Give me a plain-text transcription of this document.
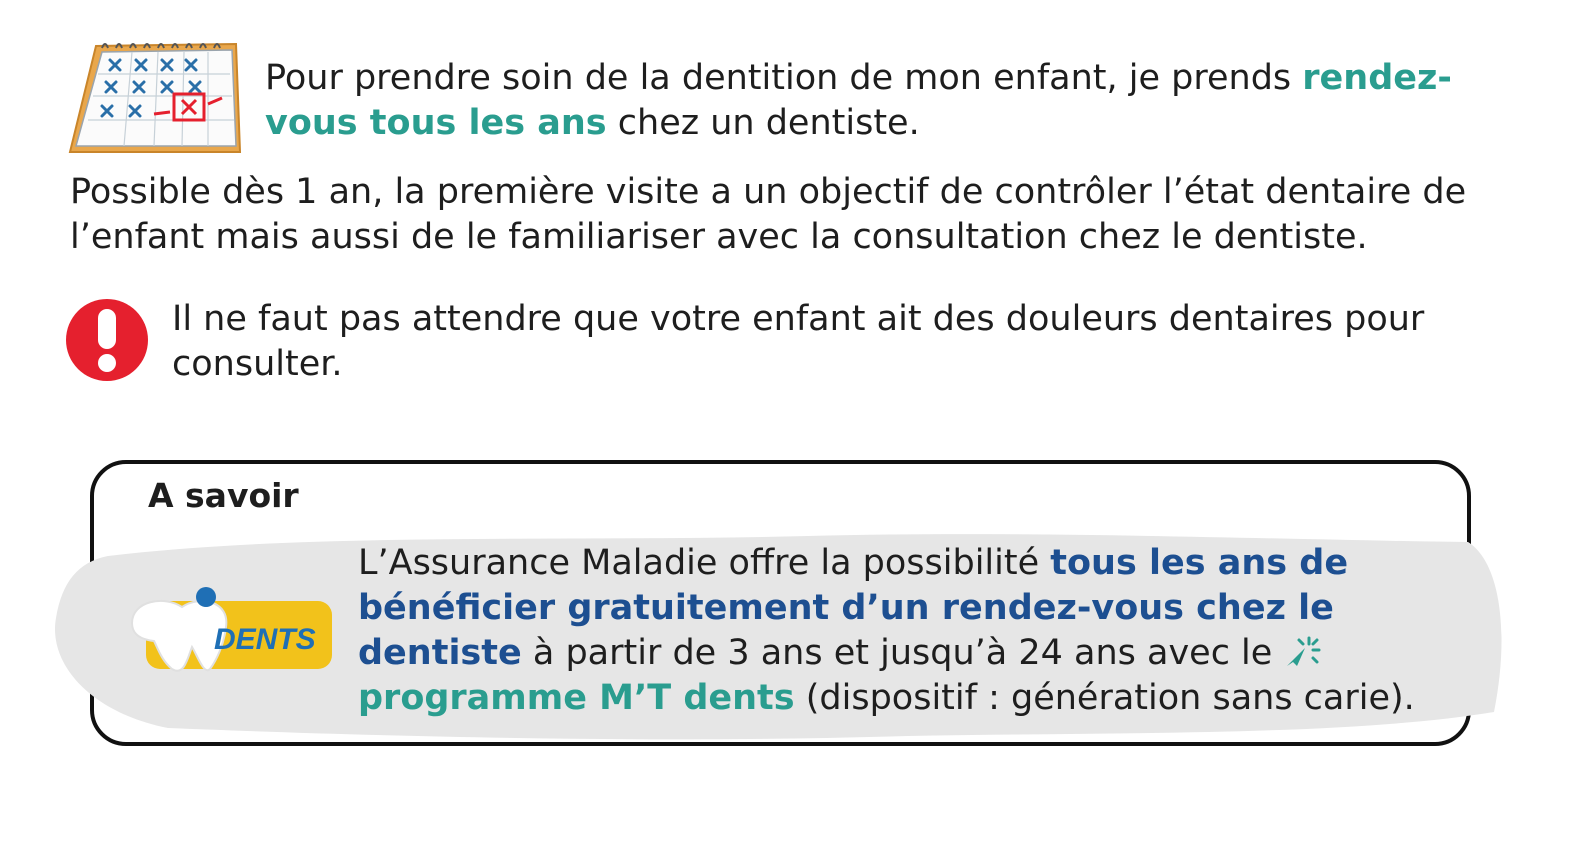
Pour prendre soin de la dentition de mon enfant, je prends rendez-vous tous les ans chez un dentiste.

Possible dès 1 an, la première visite a un objectif de contrôler l’état dentaire de l’enfant mais aussi de le familiariser avec la consultation chez le dentiste.

Il ne faut pas attendre que votre enfant ait des douleurs dentaires pour consulter.

A savoir

DENTS

L’Assurance Maladie offre la possibilité tous les ans de bénéficier gratuitement d’un rendez-vous chez le dentiste à partir de 3 ans et jusqu’à 24 ans avec le programme M’T dents (dispositif : génération sans carie).
